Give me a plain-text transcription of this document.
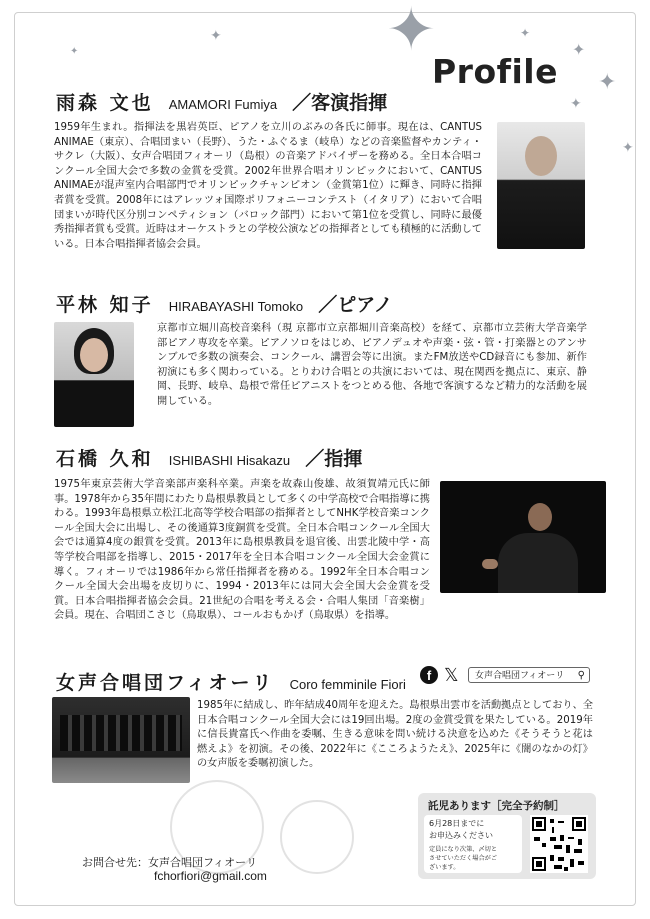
✦
✦	✦
✦
✦
✦
✦
✦
Profile
雨森 文也 AMAMORI Fumiya ／客演指揮

1959年生まれ。指揮法を黒岩英臣、ピアノを立川のぶみの各氏に師事。現在は、CANTUS ANIMAE（東京）、合唱団まい（長野）、うた・ふぐるま（岐阜）などの音楽監督やカンティ・サクレ（大阪）、女声合唱団フィオーリ（島根）の音楽アドバイザーを務める。全日本合唱コンクール全国大会で多数の金賞を受賞。2002年世界合唱オリンピックにおいて、CANTUS ANIMAEが混声室内合唱部門でオリンピックチャンピオン（金賞第1位）に輝き、同時に指揮者賞を受賞。2008年にはアレッツォ国際ポリフォニーコンテスト（イタリア）において合唱団まいが時代区分別コンペティション（バロック部門）において第1位を受賞し、同時に最優秀指揮者賞も受賞。近時はオーケストラとの学校公演などの指揮者としても積極的に活動している。日本合唱指揮者協会会員。

平林 知子 HIRABAYASHI Tomoko ／ピアノ

京都市立堀川高校音楽科（現 京都市立京都堀川音楽高校）を経て、京都市立芸術大学音楽学部ピアノ専攻を卒業。ピアノソロをはじめ、ピアノデュオや声楽・弦・管・打楽器とのアンサンブルで多数の演奏会、コンクール、講習会等に出演。またFM放送やCD録音にも参加、新作初演にも多く関わっている。とりわけ合唱との共演においては、現在関西を拠点に、東京、静岡、長野、岐阜、島根で常任ピアニストをつとめる他、各地で客演するなど精力的な活動を展開している。

石橋 久和 ISHIBASHI Hisakazu ／指揮

1975年東京芸術大学音楽部声楽科卒業。声楽を故森山俊雄、故須賀靖元氏に師事。1978年から35年間にわたり島根県教員として多くの中学高校で合唱指導に携わる。1993年島根県立松江北高等学校合唱部の指揮者としてNHK学校音楽コンクール全国大会に出場し、その後通算3度銅賞を受賞。全日本合唱コンクール全国大会では通算4度の銀賞を受賞。2013年に島根県教員を退官後、出雲北陵中学・高等学校合唱部を指導し、2015・2017年を全日本合唱コンクール全国大会金賞に導く。フィオーリでは1986年から常任指揮者を務める。1992年全日本合唱コンクール全国大会出場を皮切りに、1994・2013年には同大会全国大会金賞を受賞。日本合唱指揮者協会会員。21世紀の合唱を考える会・合唱人集団「音楽樹」会員。現在、合唱団こさじ（鳥取県）、コールおもかげ（鳥取県）を指導。

女声合唱団フィオーリ Coro femminile Fiori
f 𝕏	女声合唱団フィオーリ ⚲

1985年に結成し、昨年結成40周年を迎えた。島根県出雲市を活動拠点としており、全日本合唱コンクール全国大会には19回出場。2度の金賞受賞を果たしている。2019年に信長貴富氏へ作曲を委嘱、生きる意味を問い続ける決意を込めた《そうそうと花は燃えよ》を初演。その後、2022年に《こころようたえ》、2025年に《闇のなかの灯》の女声版を委嘱初演した。

お問合せ先：女声合唱団フィオーリ
fchorfiori@gmail.com
託児あります［完全予約制］
6月28日までに
お申込みください
定員になり次第、〆切と
させていただく場合がご
ざいます。
